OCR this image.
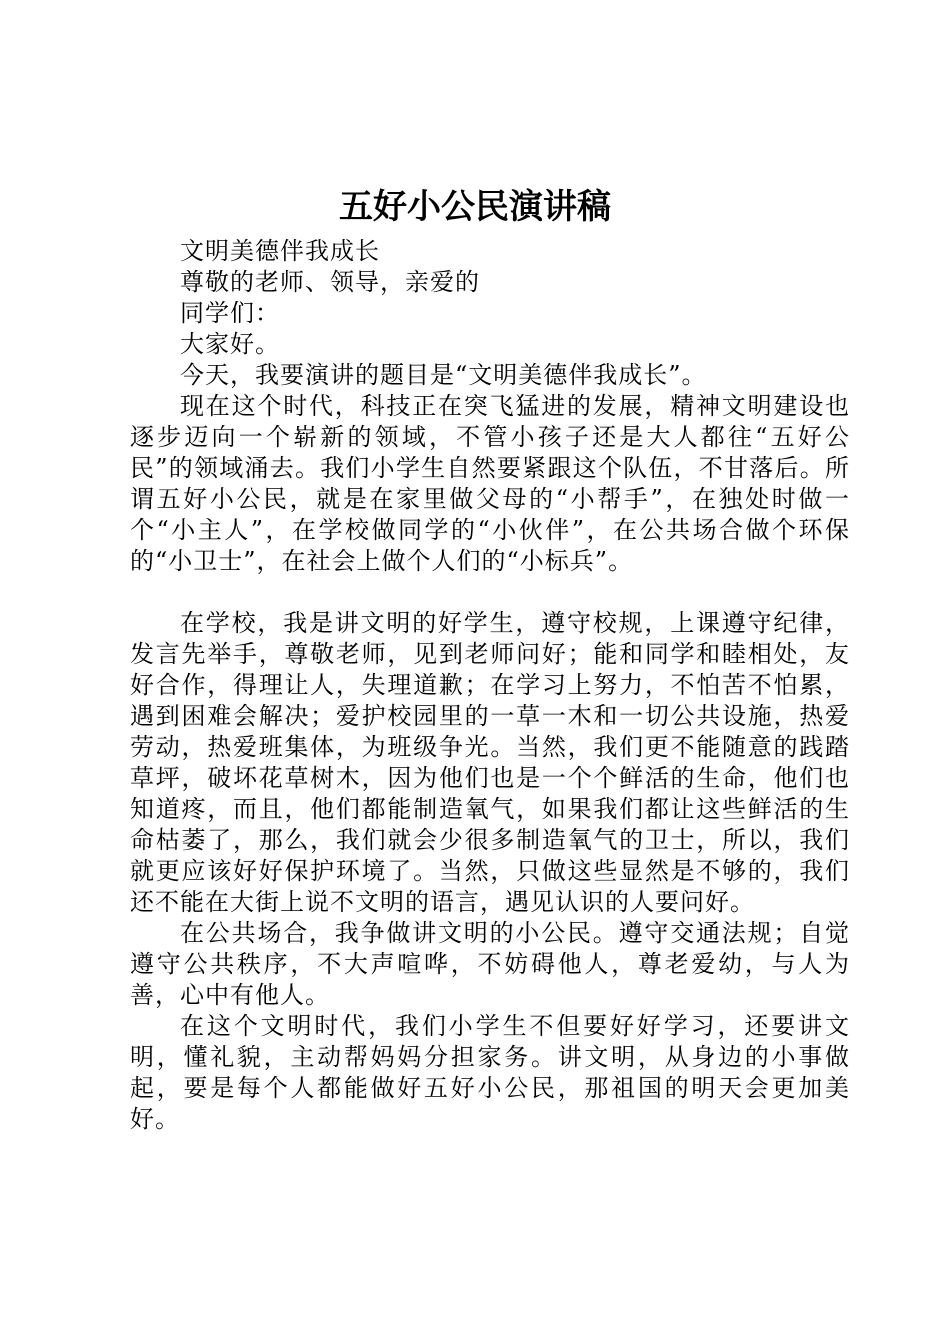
五好小公民演讲稿

文明美德伴我成长

尊敬的老师、领导，亲爱的

同学们：

大家好。

今天，我要演讲的题目是“文明美德伴我成长”。

现在这个时代，科技正在突飞猛进的发展，精神文明建设也逐步迈向一个崭新的领域，不管小孩子还是大人都往“五好公民”的领域涌去。我们小学生自然要紧跟这个队伍，不甘落后。所谓五好小公民，就是在家里做父母的“小帮手”，在独处时做一个“小主人”，在学校做同学的“小伙伴”，在公共场合做个环保的“小卫士”，在社会上做个人们的“小标兵”。

在学校，我是讲文明的好学生，遵守校规，上课遵守纪律，发言先举手，尊敬老师，见到老师问好；能和同学和睦相处，友好合作，得理让人，失理道歉；在学习上努力，不怕苦不怕累，遇到困难会解决；爱护校园里的一草一木和一切公共设施，热爱劳动，热爱班集体，为班级争光。当然，我们更不能随意的践踏草坪，破坏花草树木，因为他们也是一个个鲜活的生命，他们也知道疼，而且，他们都能制造氧气，如果我们都让这些鲜活的生命枯萎了，那么，我们就会少很多制造氧气的卫士，所以，我们就更应该好好保护环境了。当然，只做这些显然是不够的，我们还不能在大街上说不文明的语言，遇见认识的人要问好。

在公共场合，我争做讲文明的小公民。遵守交通法规；自觉遵守公共秩序，不大声喧哗，不妨碍他人，尊老爱幼，与人为善，心中有他人。

在这个文明时代，我们小学生不但要好好学习，还要讲文明，懂礼貌，主动帮妈妈分担家务。讲文明，从身边的小事做起，要是每个人都能做好五好小公民，那祖国的明天会更加美好。
